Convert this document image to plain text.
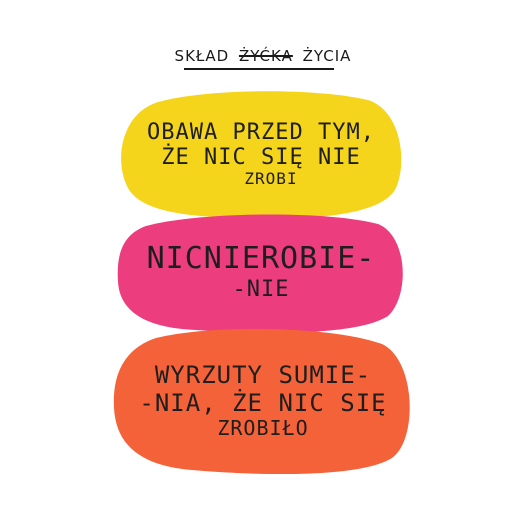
SKŁAD ŻYĆKA ŻYCIA
OBAWA PRZED TYM,
ŻE NIC SIĘ NIE
ZROBI
NICNIEROBIE-
-NIE
WYRZUTY SUMIE-
-NIA, ŻE NIC SIĘ
ZROBIŁO
